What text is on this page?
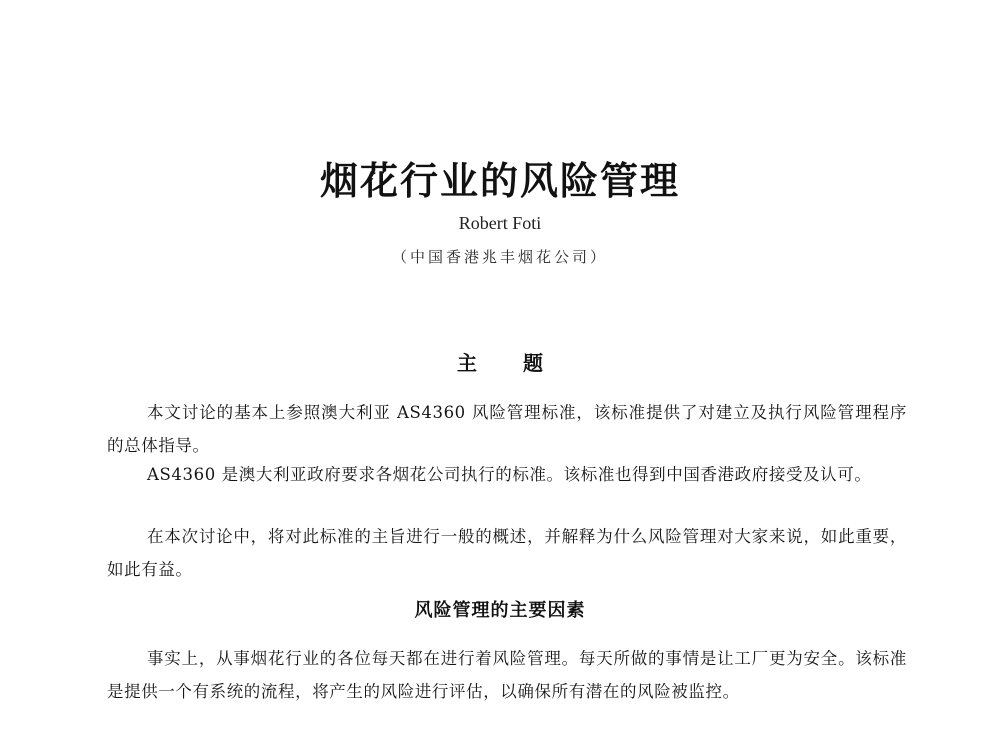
烟花行业的风险管理
Robert Foti
（中国香港兆丰烟花公司）
主题

本文讨论的基本上参照澳大利亚 AS4360 风险管理标准，该标准提供了对建立及执行风险管理程序的总体指导。

AS4360 是澳大利亚政府要求各烟花公司执行的标准。该标准也得到中国香港政府接受及认可。

在本次讨论中，将对此标准的主旨进行一般的概述，并解释为什么风险管理对大家来说，如此重要，如此有益。

风险管理的主要因素

事实上，从事烟花行业的各位每天都在进行着风险管理。每天所做的事情是让工厂更为安全。该标准是提供一个有系统的流程，将产生的风险进行评估，以确保所有潜在的风险被监控。
